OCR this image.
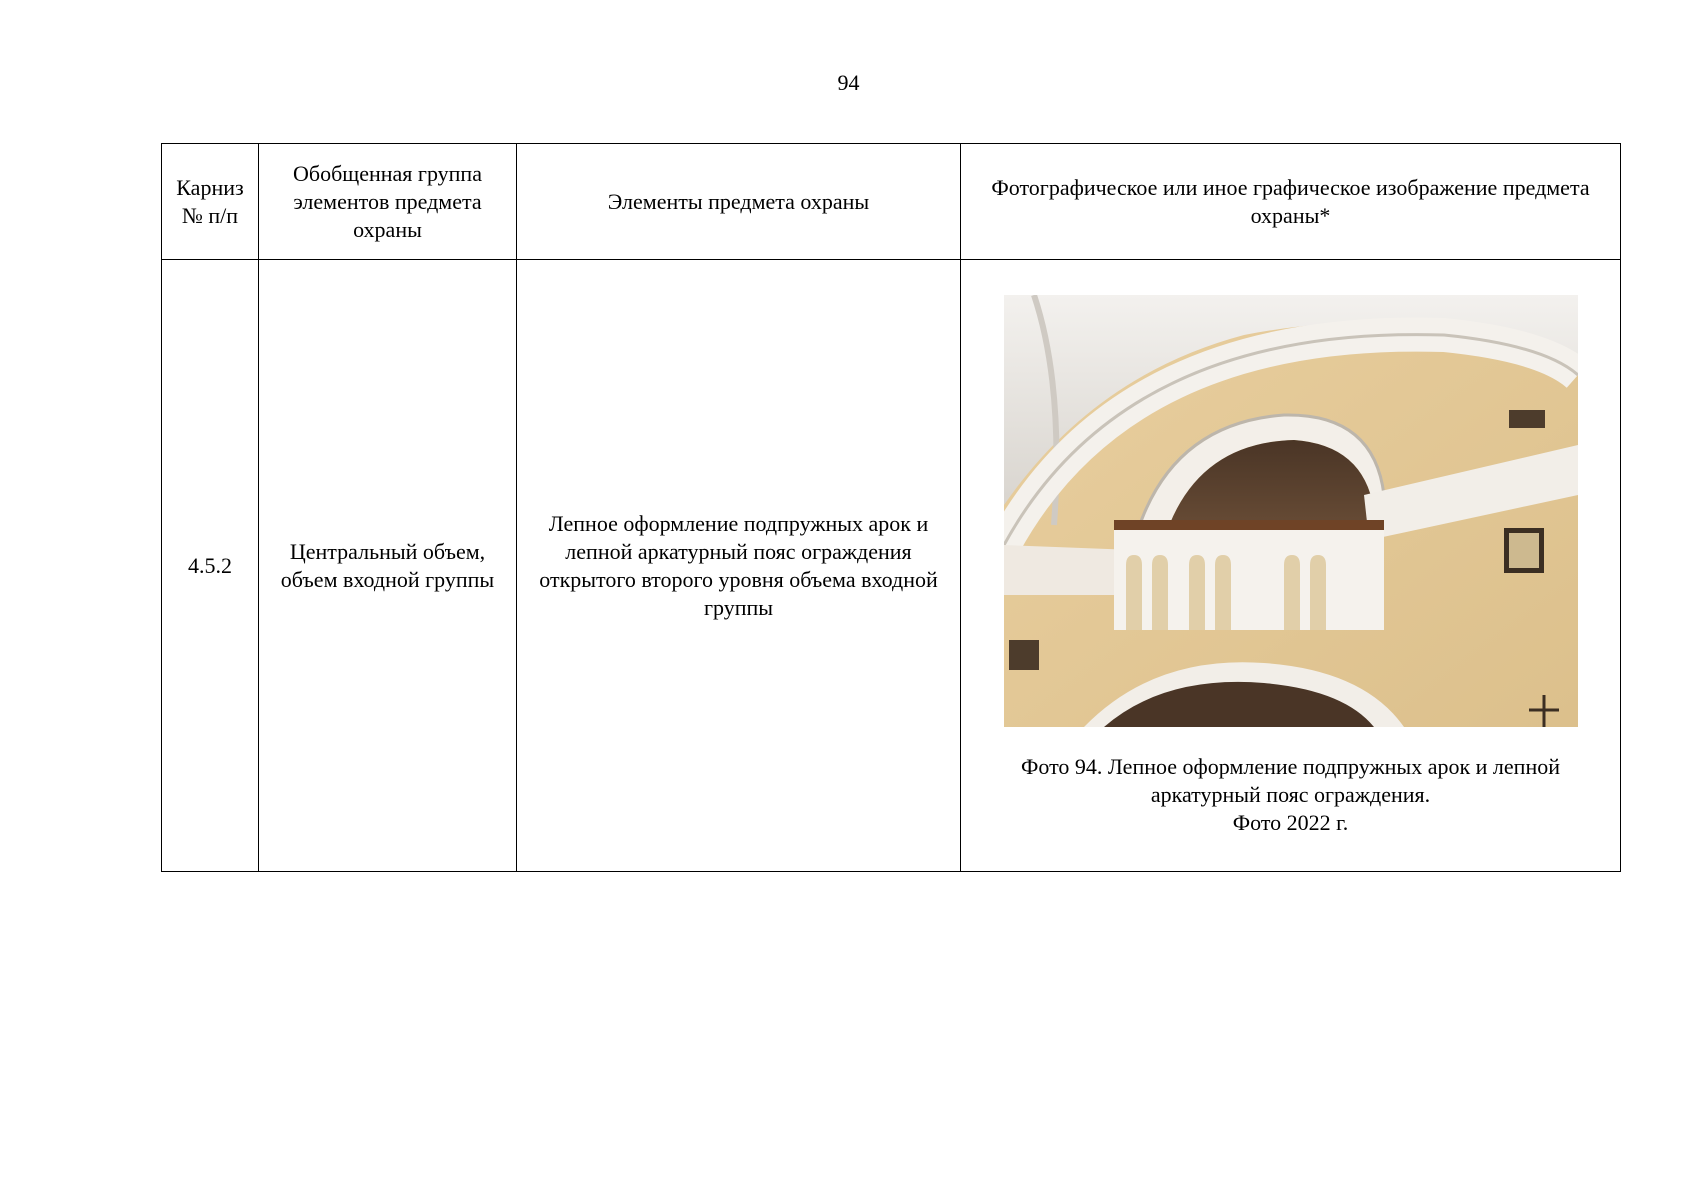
94
Карниз № п/п	Обобщенная группа элементов предмета охраны	Элементы предмета охраны	Фотографическое или иное графическое изображение предмета охраны*
4.5.2	Центральный объем, объем входной группы	Лепное оформление подпружных арок и лепной аркатурный пояс ограждения открытого второго уровня объема входной группы	Фото 94. Лепное оформление подпружных арок и лепной
аркатурный пояс ограждения.
Фото 2022 г.
